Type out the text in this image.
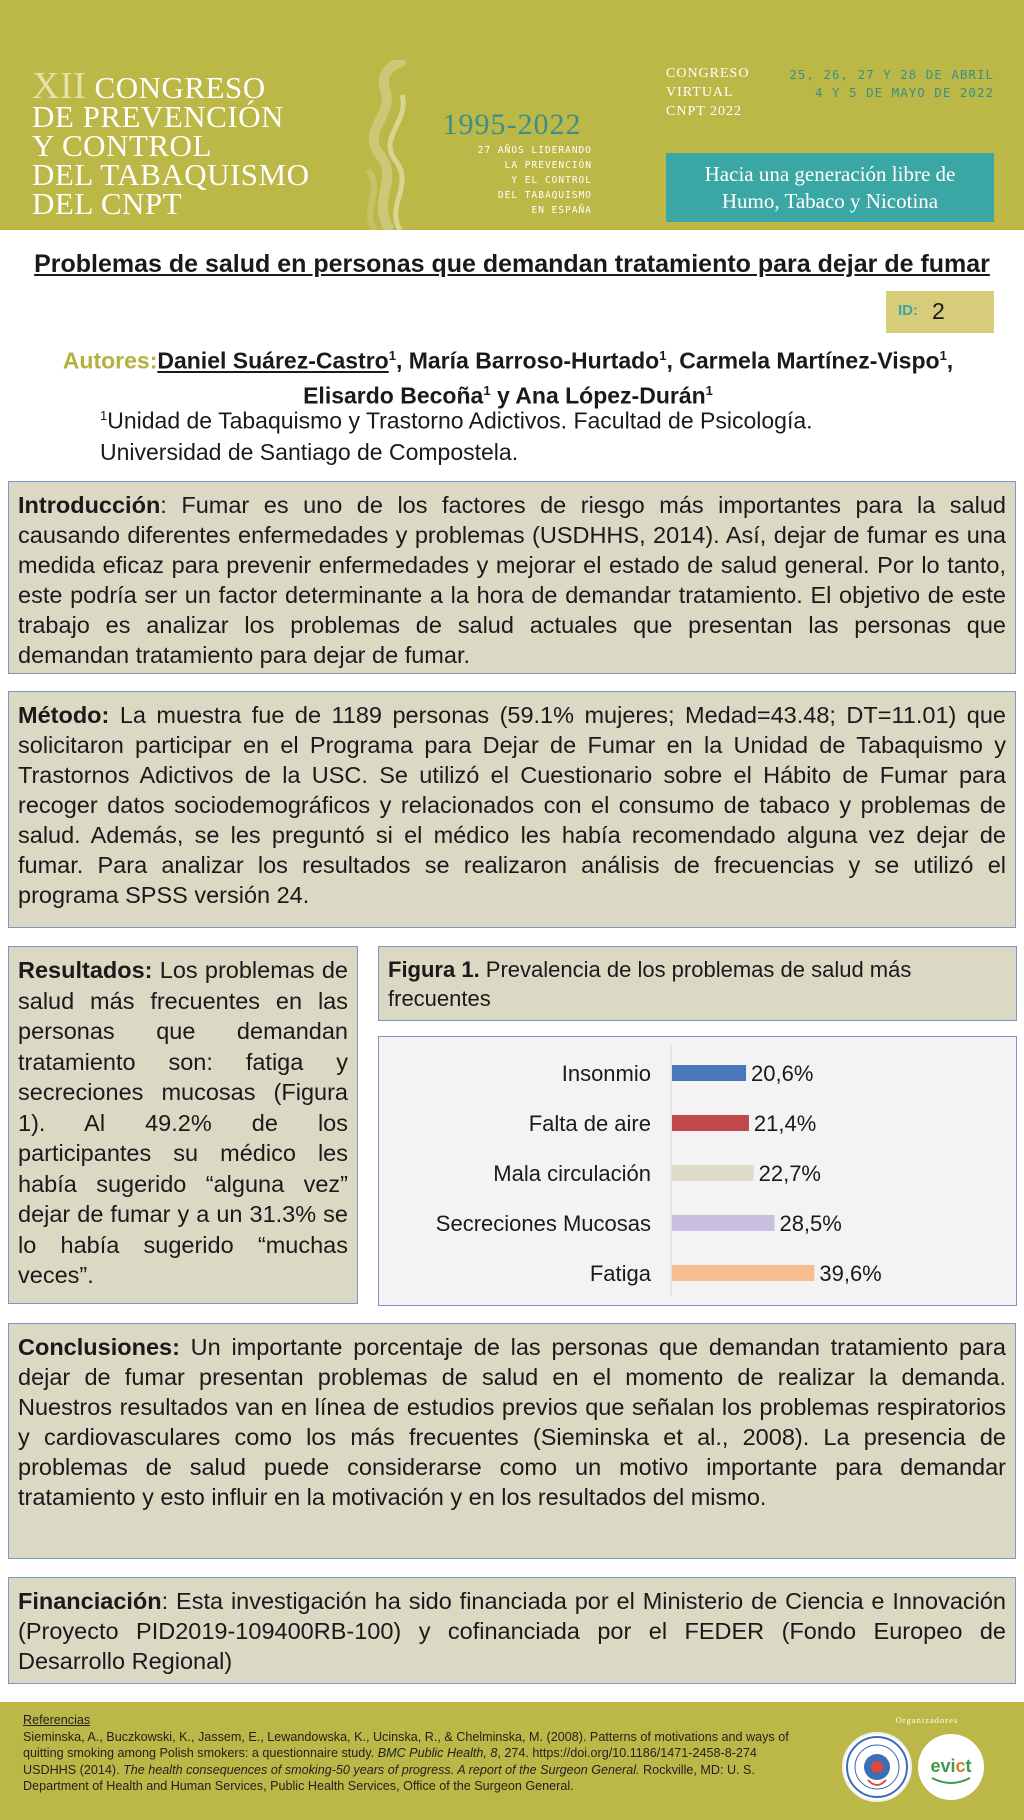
XII CONGRESO
DE PREVENCIÓN
Y CONTROL
DEL TABAQUISMO
DEL CNPT
1995-2022
27 AÑOS LIDERANDO
LA PREVENCIÓN
Y EL CONTROL
DEL TABAQUISMO
EN ESPAÑA
CONGRESO
VIRTUAL
CNPT 2022
25, 26, 27 Y 28 DE ABRIL
4 Y 5 DE MAYO DE 2022
Hacia una generación libre de
Humo, Tabaco y Nicotina
Problemas de salud en personas que demandan tratamiento para dejar de fumar
ID: 2
Autores:Daniel Suárez-Castro$^1$, María Barroso-Hurtado$^1$, Carmela Martínez-Vispo$^1$,
Elisardo Becoña$^1$ y Ana López-Durán$^1$
$^1$Unidad de Tabaquismo y Trastorno Adictivos. Facultad de Psicología.
Universidad de Santiago de Compostela.
Introducción: Fumar es uno de los factores de riesgo más importantes para la salud causando diferentes enfermedades y problemas (USDHHS, 2014). Así, dejar de fumar es una medida eficaz para prevenir enfermedades y mejorar el estado de salud general. Por lo tanto, este podría ser un factor determinante a la hora de demandar tratamiento. El objetivo de este trabajo es analizar los problemas de salud actuales que presentan las personas que demandan tratamiento para dejar de fumar.
Método: La muestra fue de 1189 personas (59.1% mujeres; Medad=43.48; DT=11.01) que solicitaron participar en el Programa para Dejar de Fumar en la Unidad de Tabaquismo y Trastornos Adictivos de la USC. Se utilizó el Cuestionario sobre el Hábito de Fumar para recoger datos sociodemográficos y relacionados con el consumo de tabaco y problemas de salud. Además, se les preguntó si el médico les había recomendado alguna vez dejar de fumar. Para analizar los resultados se realizaron análisis de frecuencias y se utilizó el programa SPSS versión 24.
Resultados: Los problemas de salud más frecuentes en las personas que demandan tratamiento son: fatiga y secreciones mucosas (Figura 1). Al 49.2% de los participantes su médico les había sugerido “alguna vez” dejar de fumar y a un 31.3% se lo había sugerido “muchas veces”.
Figura 1. Prevalencia de los problemas de salud más frecuentes
Insonmio	20,6%
Falta de aire	21,4%
Mala circulación	22,7%
Secreciones Mucosas	28,5%
Fatiga	39,6%
Conclusiones: Un importante porcentaje de las personas que demandan tratamiento para dejar de fumar presentan problemas de salud en el momento de realizar la demanda. Nuestros resultados van en línea de estudios previos que señalan los problemas respiratorios y cardiovasculares como los más frecuentes (Sieminska et al., 2008). La presencia de problemas de salud puede considerarse como un motivo importante para demandar tratamiento y esto influir en la motivación y en los resultados del mismo.
Financiación: Esta investigación ha sido financiada por el Ministerio de Ciencia e Innovación (Proyecto PID2019-109400RB-100) y cofinanciada por el FEDER (Fondo Europeo de Desarrollo Regional)
Referencias
Sieminska, A., Buczkowski, K., Jassem, E., Lewandowska, K., Ucinska, R., & Chelminska, M. (2008). Patterns of motivations and ways of quitting smoking among Polish smokers: a questionnaire study. BMC Public Health, 8, 274. https://doi.org/10.1186/1471-2458-8-274
USDHHS (2014). The health consequences of smoking-50 years of progress. A report of the Surgeon General. Rockville, MD: U. S. Department of Health and Human Services, Public Health Services, Office of the Surgeon General.
Organizadores
evict
